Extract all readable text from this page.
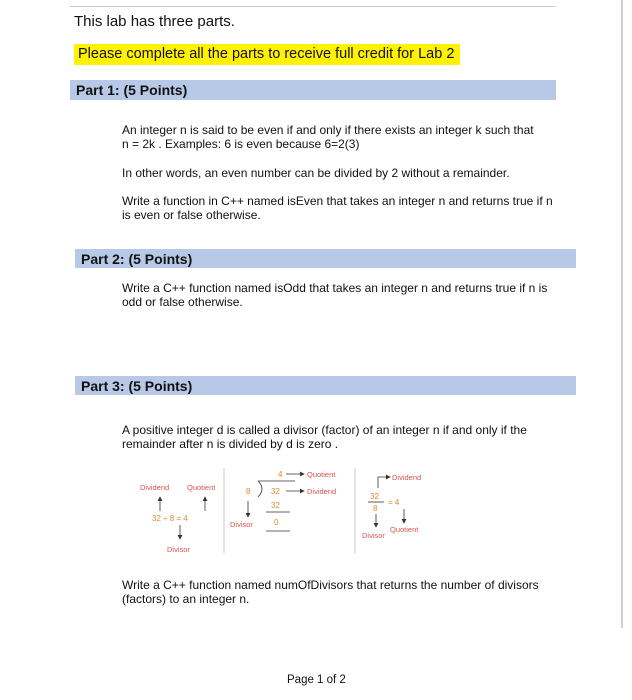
This lab has three parts.
Please complete all the parts to receive full credit for Lab 2
Part 1: (5 Points)
An integer n is said to be even if and only if there exists an integer k such that
n = 2k . Examples: 6 is even because 6=2(3)
In other words, an even number can be divided by 2 without a remainder.
Write a function in C++ named isEven that takes an integer n and returns true if n
is even or false otherwise.
Part 2: (5 Points)
Write a C++ function named isOdd that takes an integer n and returns true if n is
odd or false otherwise.
Part 3: (5 Points)
A positive integer d is called a divisor (factor) of an integer n if and only if the
remainder after n is divided by d is zero .
Dividend Quotient
32 ÷ 8 = 4
Divisor
4	Quotient
8	32	Dividend
32
0
Divisor
Dividend
32
8
= 4
Divisor
Quotient
Write a C++ function named numOfDivisors that returns the number of divisors
(factors) to an integer n.
Page 1 of 2
